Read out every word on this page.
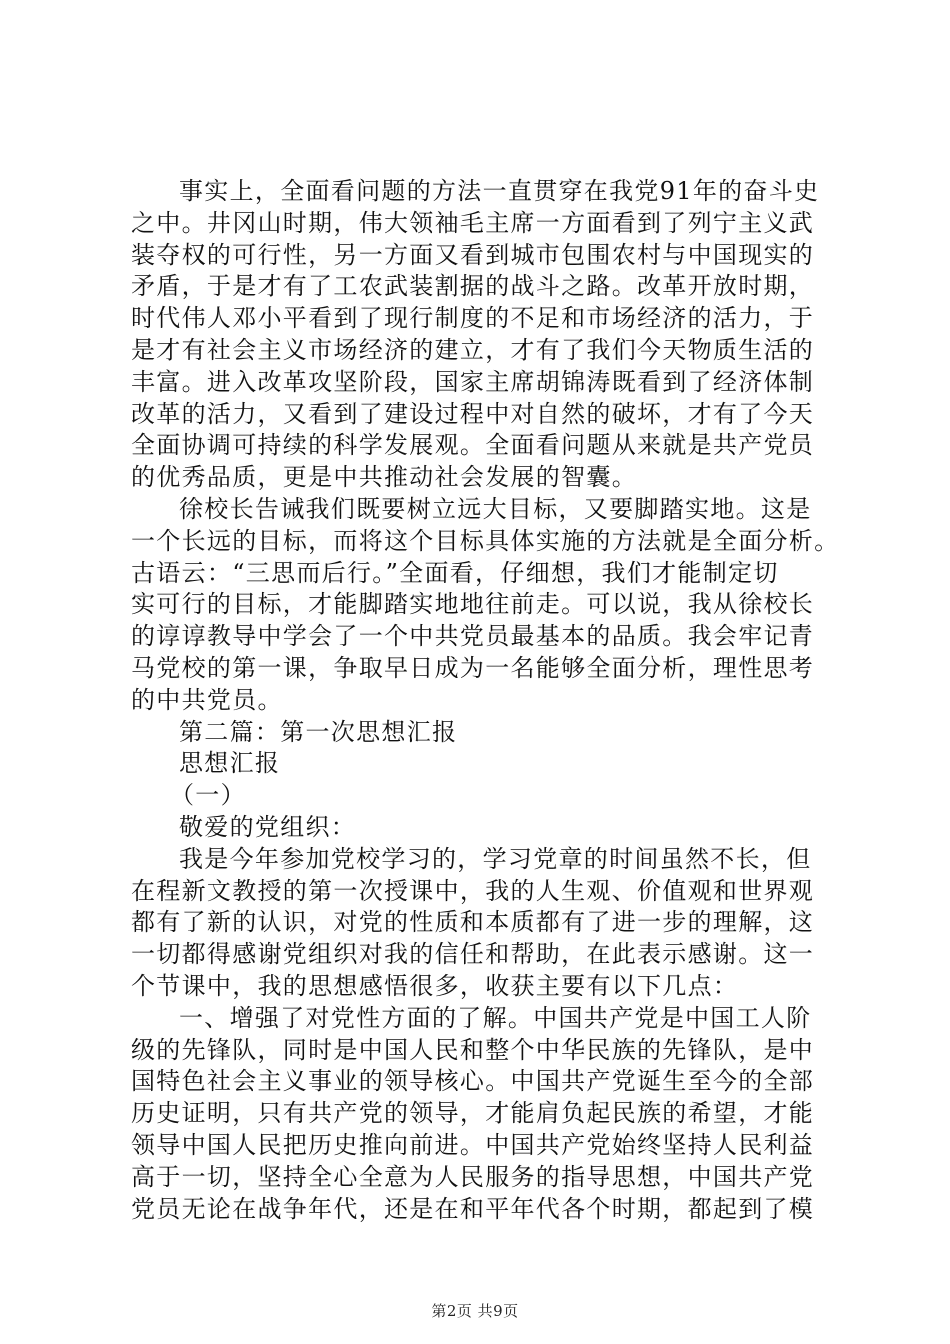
事实上，全面看问题的方法一直贯穿在我党91年的奋斗史
之中。井冈山时期，伟大领袖毛主席一方面看到了列宁主义武
装夺权的可行性，另一方面又看到城市包围农村与中国现实的
矛盾，于是才有了工农武装割据的战斗之路。改革开放时期，
时代伟人邓小平看到了现行制度的不足和市场经济的活力，于
是才有社会主义市场经济的建立，才有了我们今天物质生活的
丰富。进入改革攻坚阶段，国家主席胡锦涛既看到了经济体制
改革的活力，又看到了建设过程中对自然的破坏，才有了今天
全面协调可持续的科学发展观。全面看问题从来就是共产党员
的优秀品质，更是中共推动社会发展的智囊。
徐校长告诫我们既要树立远大目标，又要脚踏实地。这是
一个长远的目标，而将这个目标具体实施的方法就是全面分析。
古语云：“三思而后行。”全面看，仔细想，我们才能制定切
实可行的目标，才能脚踏实地地往前走。可以说，我从徐校长
的谆谆教导中学会了一个中共党员最基本的品质。我会牢记青
马党校的第一课，争取早日成为一名能够全面分析，理性思考
的中共党员。
第二篇：第一次思想汇报
思想汇报
（一）
敬爱的党组织：
我是今年参加党校学习的，学习党章的时间虽然不长，但
在程新文教授的第一次授课中，我的人生观、价值观和世界观
都有了新的认识，对党的性质和本质都有了进一步的理解，这
一切都得感谢党组织对我的信任和帮助，在此表示感谢。这一
个节课中，我的思想感悟很多，收获主要有以下几点：
一、增强了对党性方面的了解。中国共产党是中国工人阶
级的先锋队，同时是中国人民和整个中华民族的先锋队，是中
国特色社会主义事业的领导核心。中国共产党诞生至今的全部
历史证明，只有共产党的领导，才能肩负起民族的希望，才能
领导中国人民把历史推向前进。中国共产党始终坚持人民利益
高于一切，坚持全心全意为人民服务的指导思想，中国共产党
党员无论在战争年代，还是在和平年代各个时期，都起到了模
第2页 共9页
